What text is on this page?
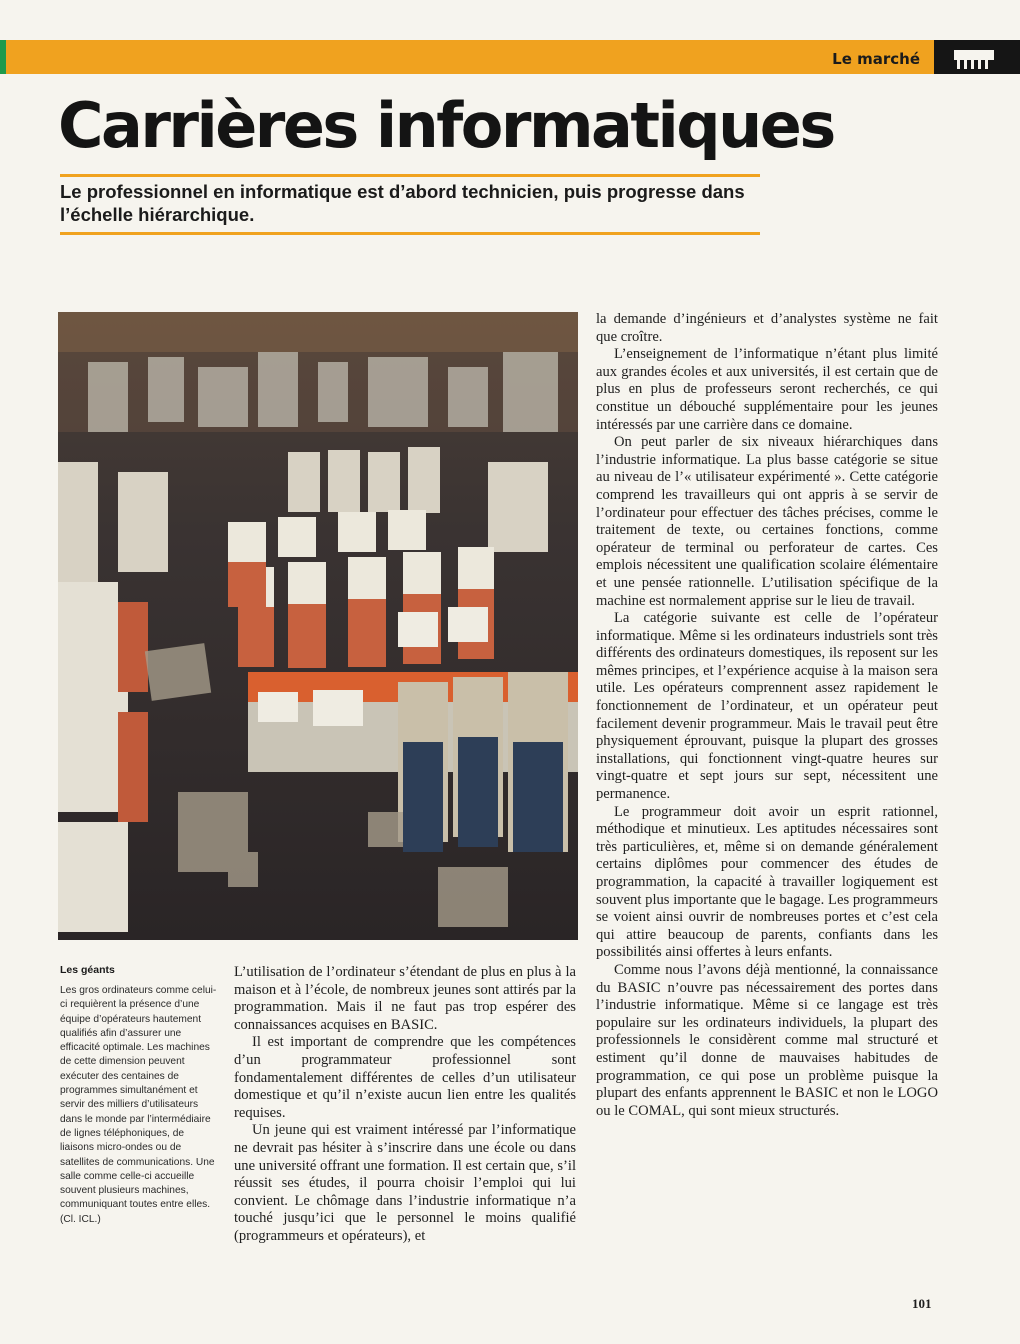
Le marché
Carrières informatiques

Le professionnel en informatique est d’abord technicien, puis progresse dans l’échelle hiérarchique.

Les géants

Les gros ordinateurs comme celui-ci requièrent la présence d’une équipe d’opérateurs hautement qualifiés afin d’assurer une efficacité optimale. Les machines de cette dimension peuvent exécuter des centaines de programmes simultanément et servir des milliers d’utilisateurs dans le monde par l’intermédiaire de lignes téléphoniques, de liaisons micro-ondes ou de satellites de communications. Une salle comme celle-ci accueille souvent plusieurs machines, communiquant toutes entre elles. (Cl. ICL.)

L’utilisation de l’ordinateur s’étendant de plus en plus à la maison et à l’école, de nombreux jeunes sont attirés par la programmation. Mais il ne faut pas trop espérer des connaissances acquises en BASIC.

Il est important de comprendre que les compétences d’un programmateur professionnel sont fondamentalement différentes de celles d’un utilisateur domestique et qu’il n’existe aucun lien entre les qualités requises.

Un jeune qui est vraiment intéressé par l’informatique ne devrait pas hésiter à s’inscrire dans une école ou dans une université offrant une formation. Il est certain que, s’il réussit ses études, il pourra choisir l’emploi qui lui convient. Le chômage dans l’industrie informatique n’a touché jusqu’ici que le personnel le moins qualifié (programmeurs et opérateurs), et

la demande d’ingénieurs et d’analystes système ne fait que croître.

L’enseignement de l’informatique n’étant plus limité aux grandes écoles et aux universités, il est certain que de plus en plus de professeurs seront recherchés, ce qui constitue un débouché supplémentaire pour les jeunes intéressés par une carrière dans ce domaine.

On peut parler de six niveaux hiérarchiques dans l’industrie informatique. La plus basse catégorie se situe au niveau de l’« utilisateur expérimenté ». Cette catégorie comprend les travailleurs qui ont appris à se servir de l’ordinateur pour effectuer des tâches précises, comme le traitement de texte, ou certaines fonctions, comme opérateur de terminal ou perforateur de cartes. Ces emplois nécessitent une qualification scolaire élémentaire et une pensée rationnelle. L’utilisation spécifique de la machine est normalement apprise sur le lieu de travail.

La catégorie suivante est celle de l’opérateur informatique. Même si les ordinateurs industriels sont très différents des ordinateurs domestiques, ils reposent sur les mêmes principes, et l’expérience acquise à la maison sera utile. Les opérateurs comprennent assez rapidement le fonctionnement de l’ordinateur, et un opérateur peut facilement devenir programmeur. Mais le travail peut être physiquement éprouvant, puisque la plupart des grosses installations, qui fonctionnent vingt-quatre heures sur vingt-quatre et sept jours sur sept, nécessitent une permanence.

Le programmeur doit avoir un esprit rationnel, méthodique et minutieux. Les aptitudes nécessaires sont très particulières, et, même si on demande généralement certains diplômes pour commencer des études de programmation, la capacité à travailler logiquement est souvent plus importante que le bagage. Les programmeurs se voient ainsi ouvrir de nombreuses portes et c’est cela qui attire beaucoup de parents, confiants dans les possibilités ainsi offertes à leurs enfants.

Comme nous l’avons déjà mentionné, la connaissance du BASIC n’ouvre pas nécessairement des portes dans l’industrie informatique. Même si ce langage est très populaire sur les ordinateurs individuels, la plupart des professionnels le considèrent comme mal structuré et estiment qu’il donne de mauvaises habitudes de programmation, ce qui pose un problème puisque la plupart des enfants apprennent le BASIC et non le LOGO ou le COMAL, qui sont mieux structurés.

101
